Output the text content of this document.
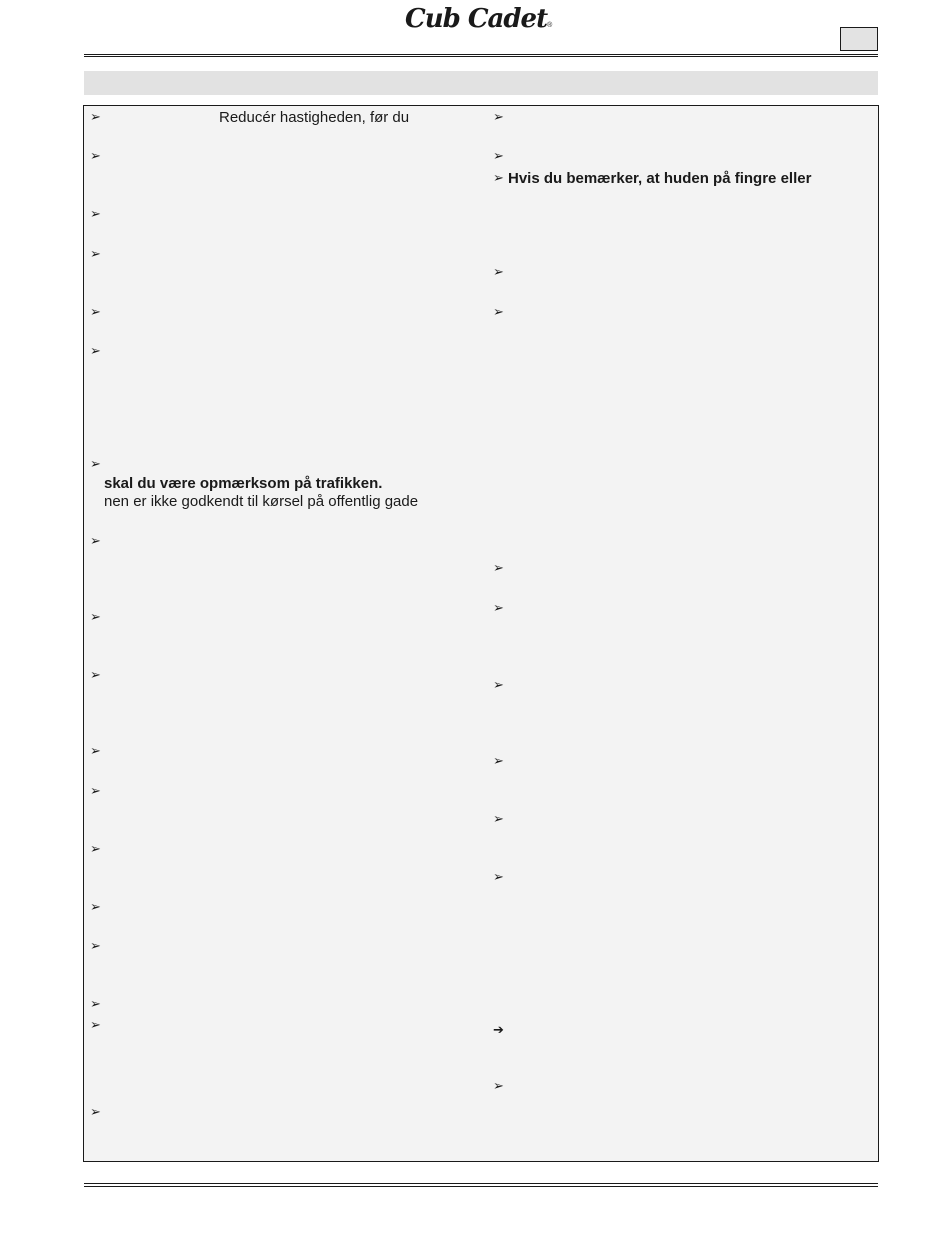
Cub Cadet®
➢	Reducér hastigheden, før du
➢
➢
➢
➢
➢
➢
skal du være opmærksom på trafikken.
nen er ikke godkendt til kørsel på offentlig gade
➢
➢
➢
➢
➢
➢
➢
➢
➢
➢
➢
➢
➢
➢ Hvis du bemærker, at huden på fingre eller
➢
➢
➢
➢
➢
➢
➢
➢
➔
➢
